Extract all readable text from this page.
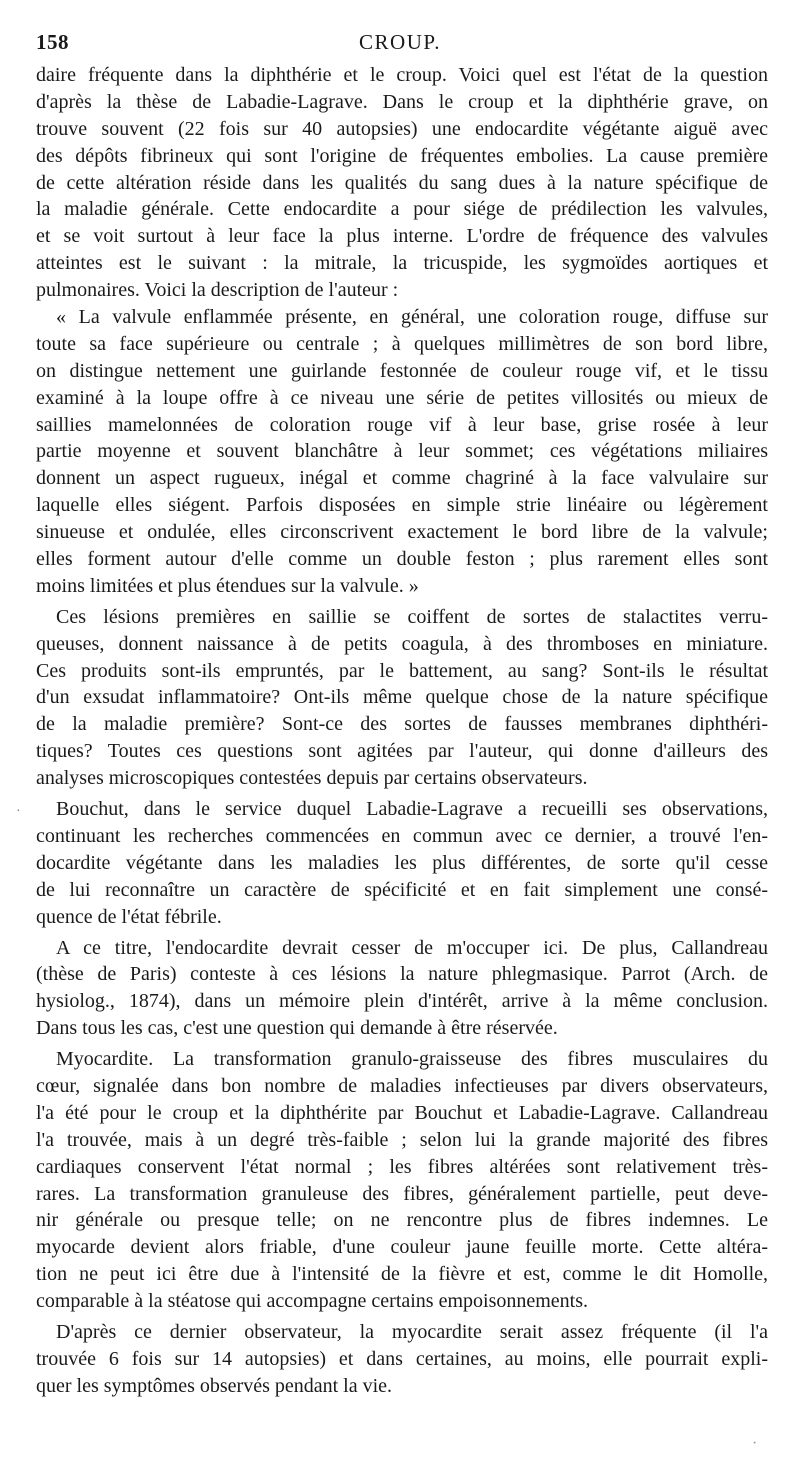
158	CROUP.
daire fréquente dans la diphthérie et le croup. Voici quel est l'état de la question
d'après la thèse de Labadie-Lagrave. Dans le croup et la diphthérie grave, on
trouve souvent (22 fois sur 40 autopsies) une endocardite végétante aiguë avec
des dépôts fibrineux qui sont l'origine de fréquentes embolies. La cause première
de cette altération réside dans les qualités du sang dues à la nature spécifique de
la maladie générale. Cette endocardite a pour siége de prédilection les valvules,
et se voit surtout à leur face la plus interne. L'ordre de fréquence des valvules
atteintes est le suivant : la mitrale, la tricuspide, les sygmoïdes aortiques et
pulmonaires. Voici la description de l'auteur :
« La valvule enflammée présente, en général, une coloration rouge, diffuse sur
toute sa face supérieure ou centrale ; à quelques millimètres de son bord libre,
on distingue nettement une guirlande festonnée de couleur rouge vif, et le tissu
examiné à la loupe offre à ce niveau une série de petites villosités ou mieux de
saillies mamelonnées de coloration rouge vif à leur base, grise rosée à leur
partie moyenne et souvent blanchâtre à leur sommet; ces végétations miliaires
donnent un aspect rugueux, inégal et comme chagriné à la face valvulaire sur
laquelle elles siégent. Parfois disposées en simple strie linéaire ou légèrement
sinueuse et ondulée, elles circonscrivent exactement le bord libre de la valvule;
elles forment autour d'elle comme un double feston ; plus rarement elles sont
moins limitées et plus étendues sur la valvule. »
Ces lésions premières en saillie se coiffent de sortes de stalactites verru-
queuses, donnent naissance à de petits coagula, à des thromboses en miniature.
Ces produits sont-ils empruntés, par le battement, au sang? Sont-ils le résultat
d'un exsudat inflammatoire? Ont-ils même quelque chose de la nature spécifique
de la maladie première? Sont-ce des sortes de fausses membranes diphthéri-
tiques? Toutes ces questions sont agitées par l'auteur, qui donne d'ailleurs des
analyses microscopiques contestées depuis par certains observateurs.
Bouchut, dans le service duquel Labadie-Lagrave a recueilli ses observations,
continuant les recherches commencées en commun avec ce dernier, a trouvé l'en-
docardite végétante dans les maladies les plus différentes, de sorte qu'il cesse
de lui reconnaître un caractère de spécificité et en fait simplement une consé-
quence de l'état fébrile.
A ce titre, l'endocardite devrait cesser de m'occuper ici. De plus, Callandreau
(thèse de Paris) conteste à ces lésions la nature phlegmasique. Parrot (Arch. de
hysiolog., 1874), dans un mémoire plein d'intérêt, arrive à la même conclusion.
Dans tous les cas, c'est une question qui demande à être réservée.
Myocardite. La transformation granulo-graisseuse des fibres musculaires du
cœur, signalée dans bon nombre de maladies infectieuses par divers observateurs,
l'a été pour le croup et la diphthérite par Bouchut et Labadie-Lagrave. Callandreau
l'a trouvée, mais à un degré très-faible ; selon lui la grande majorité des fibres
cardiaques conservent l'état normal ; les fibres altérées sont relativement très-
rares. La transformation granuleuse des fibres, généralement partielle, peut deve-
nir générale ou presque telle; on ne rencontre plus de fibres indemnes. Le
myocarde devient alors friable, d'une couleur jaune feuille morte. Cette altéra-
tion ne peut ici être due à l'intensité de la fièvre et est, comme le dit Homolle,
comparable à la stéatose qui accompagne certains empoisonnements.
D'après ce dernier observateur, la myocardite serait assez fréquente (il l'a
trouvée 6 fois sur 14 autopsies) et dans certaines, au moins, elle pourrait expli-
quer les symptômes observés pendant la vie.
·
·
